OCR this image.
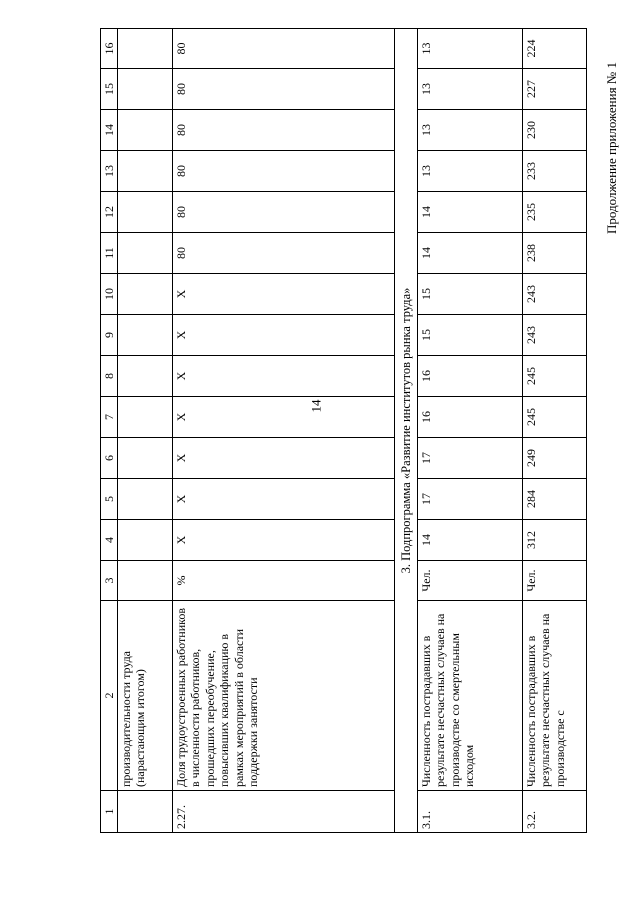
14
Продолжение приложения № 1
1	2	3	4	5	6	7	8	9	10	11	12	13	14	15	16
	производительности труда (нарастающим итогом)														
2.27.	Доля трудоустроенных работников в численности работников, прошедших переобучение, повысивших квалификацию в рамках мероприятий в области поддержки занятости	%	X	X	X	X	X	X	X	80	80	80	80	80	80
3. Подпрограмма «Развитие институтов рынка труда»															
3.1.	Численность пострадавших в результате несчастных случаев на производстве со смертельным исходом	Чел.	14	17	17	16	16	15	15	14	14	13	13	13	13
3.2.	Численность пострадавших в результате несчастных случаев на производстве с	Чел.	312	284	249	245	245	243	243	238	235	233	230	227	224
